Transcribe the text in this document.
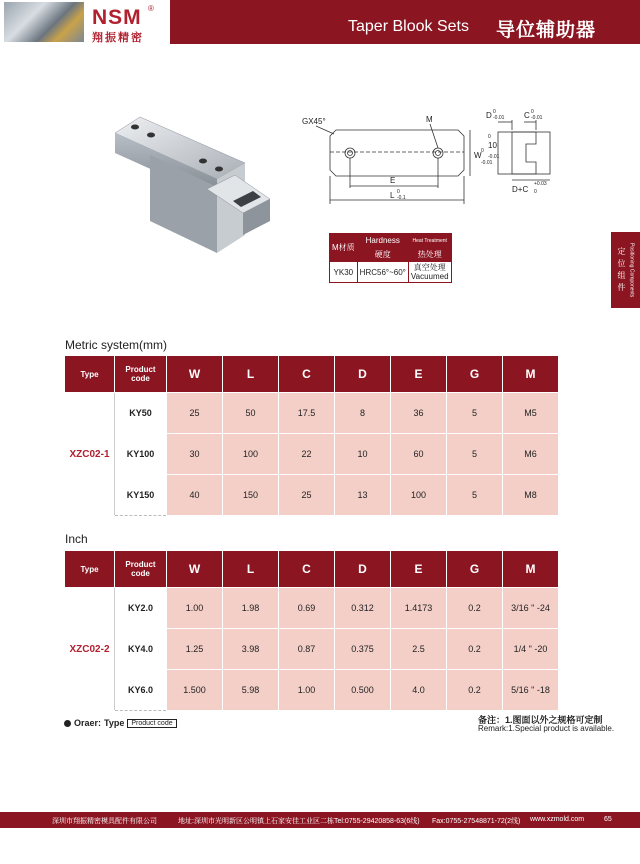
NSM ®
翔振精密
Taper Blook Sets 导位辅助器
定位组件 Positioning Components
GX45°	M
E
L 0
-0.1
W 0
-0.01
10
0
-0.01
D 0
-0.01 C 0
-0.01
D+C
+0.03
0
M材质	Hardness	Heat Treatment
	硬度	热处理
YK30	HRC56°~60°	真空处理
Vacuumed
Metric system(mm)
Type	Product code	W	L	C	D	E	G	M
XZC02-1	KY50	25	50	17.5	8	36	5	M5
	KY100	30	100	22	10	60	5	M6
	KY150	40	150	25	13	100	5	M8
Inch
Type	Product code	W	L	C	D	E	G	M
XZC02-2	KY2.0	1.00	1.98	0.69	0.312	1.4173	0.2	3/16 " -24
	KY4.0	1.25	3.98	0.87	0.375	2.5	0.2	1/4 " -20
	KY6.0	1.500	5.98	1.00	0.500	4.0	0.2	5/16 " -18
Oraer: Type	Product code	备注：1.图面以外之规格可定制
Remark:1.Special product is available.
深圳市翔振精密模具配件有限公司	地址:深圳市光明新区公明镇上石家安佳工业区二栋 Tel:0755-29420858-63(6线) Fax:0755-27548871-72(2线) www.xzmold.com	65
